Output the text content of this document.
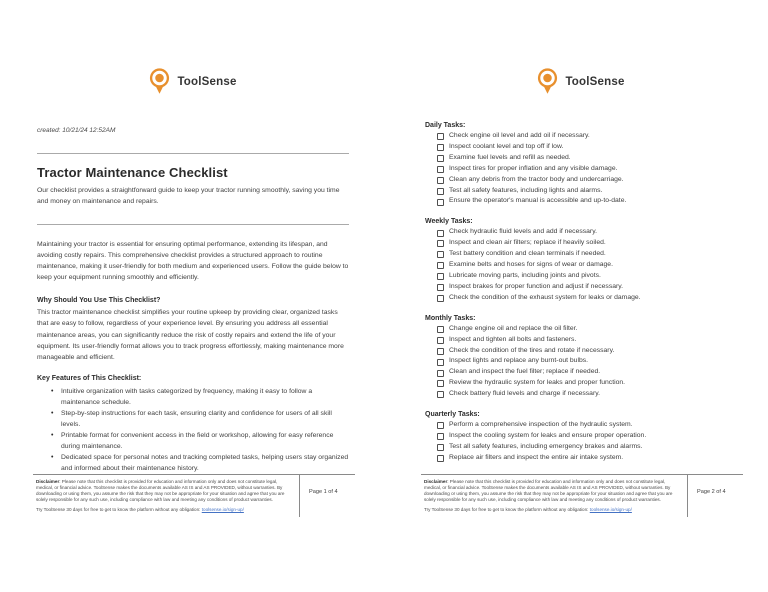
ToolSense
created: 10/21/24 12:52AM
Tractor Maintenance Checklist

Our checklist provides a straightforward guide to keep your tractor running smoothly, saving you time and money on maintenance and repairs.

Maintaining your tractor is essential for ensuring optimal performance, extending its lifespan, and avoiding costly repairs. This comprehensive checklist provides a structured approach to routine maintenance, making it user-friendly for both medium and experienced users. Follow the guide below to keep your equipment running smoothly and efficiently.

Why Should You Use This Checklist?

This tractor maintenance checklist simplifies your routine upkeep by providing clear, organized tasks that are easy to follow, regardless of your experience level. By ensuring you address all essential maintenance areas, you can significantly reduce the risk of costly repairs and extend the life of your equipment. Its user-friendly format allows you to track progress effortlessly, making maintenance more manageable and efficient.

Key Features of This Checklist:
• Intuitive organization with tasks categorized by frequency, making it easy to follow a maintenance schedule.
• Step-by-step instructions for each task, ensuring clarity and confidence for users of all skill levels.
• Printable format for convenient access in the field or workshop, allowing for easy reference during maintenance.
• Dedicated space for personal notes and tracking completed tasks, helping users stay organized and informed about their maintenance history.
Disclaimer: Please note that this checklist is provided for education and information only and does not constitute legal, medical, or financial advice. ToolSense makes the documents available AS IS and AS PROVIDED, without warranties. By downloading or using them, you assume the risk that they may not be appropriate for your situation and agree that you are solely responsible for any such use, including compliance with law and meeting any conditions of product warranties.
Try ToolSense 30 days for free to get to know the platform without any obligation: toolsense.io/sign-up/
Page 1 of 4
ToolSense
Daily Tasks:
Check engine oil level and add oil if necessary.
Inspect coolant level and top off if low.
Examine fuel levels and refill as needed.
Inspect tires for proper inflation and any visible damage.
Clean any debris from the tractor body and undercarriage.
Test all safety features, including lights and alarms.
Ensure the operator's manual is accessible and up-to-date.
Weekly Tasks:
Check hydraulic fluid levels and add if necessary.
Inspect and clean air filters; replace if heavily soiled.
Test battery condition and clean terminals if needed.
Examine belts and hoses for signs of wear or damage.
Lubricate moving parts, including joints and pivots.
Inspect brakes for proper function and adjust if necessary.
Check the condition of the exhaust system for leaks or damage.
Monthly Tasks:
Change engine oil and replace the oil filter.
Inspect and tighten all bolts and fasteners.
Check the condition of the tires and rotate if necessary.
Inspect lights and replace any burnt-out bulbs.
Clean and inspect the fuel filter; replace if needed.
Review the hydraulic system for leaks and proper function.
Check battery fluid levels and charge if necessary.
Quarterly Tasks:
Perform a comprehensive inspection of the hydraulic system.
Inspect the cooling system for leaks and ensure proper operation.
Test all safety features, including emergency brakes and alarms.
Replace air filters and inspect the entire air intake system.
Disclaimer: Please note that this checklist is provided for education and information only and does not constitute legal, medical, or financial advice. ToolSense makes the documents available AS IS and AS PROVIDED, without warranties. By downloading or using them, you assume the risk that they may not be appropriate for your situation and agree that you are solely responsible for any such use, including compliance with law and meeting any conditions of product warranties.
Try ToolSense 30 days for free to get to know the platform without any obligation: toolsense.io/sign-up/
Page 2 of 4
